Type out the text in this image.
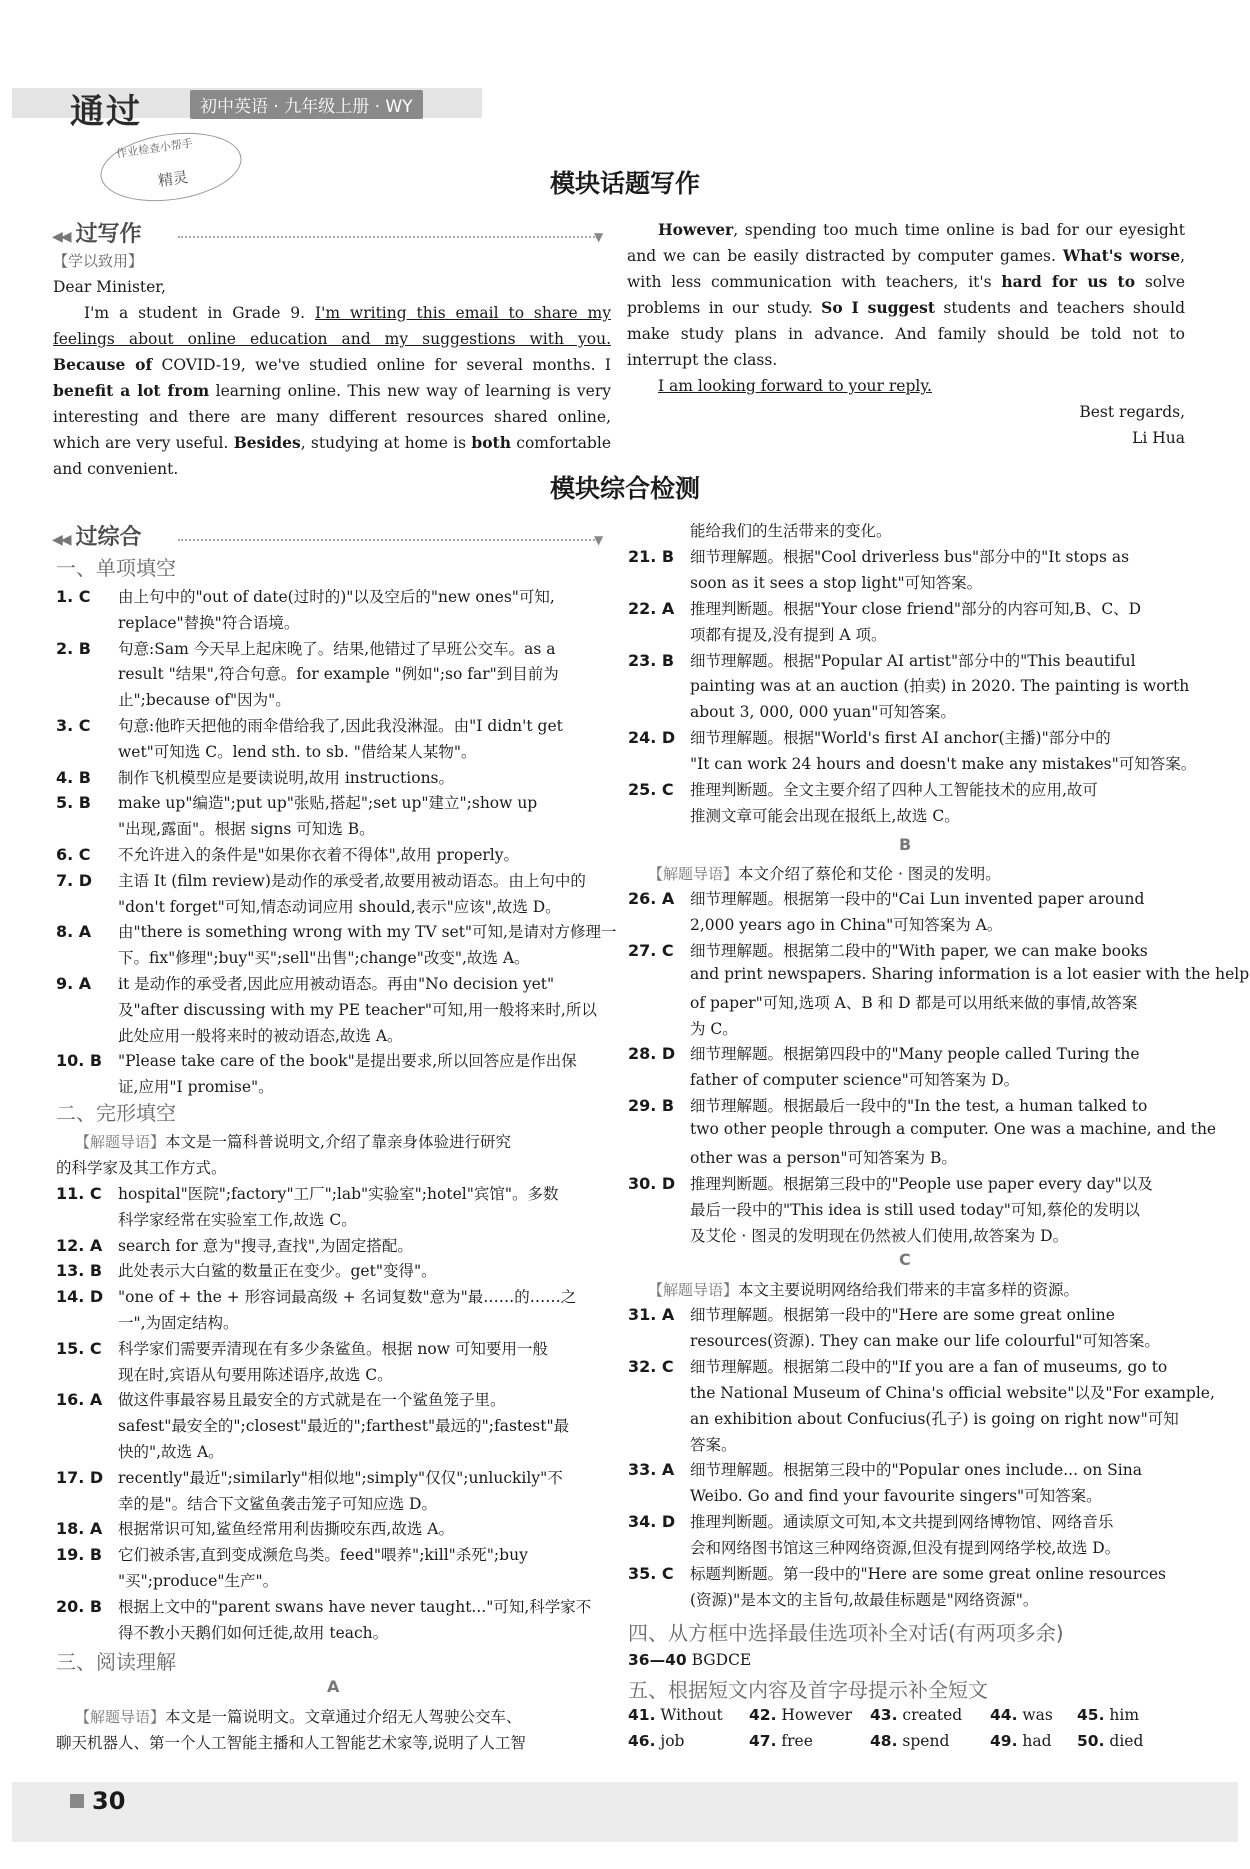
通过	初中英语 · 九年级上册 · WY
作业检查小帮手
精灵	模块话题写作
◀◀ 过写作	▼
【学以致用】
Dear Minister,

I'm a student in Grade 9. I'm writing this email to share my feelings about online education and my suggestions with you. Because of COVID-19, we've studied online for several months. I benefit a lot from learning online. This new way of learning is very interesting and there are many different resources shared online, which are very useful. Besides, studying at home is both comfortable and convenient.

However, spending too much time online is bad for our eyesight and we can be easily distracted by computer games. What's worse, with less communication with teachers, it's hard for us to solve problems in our study. So I suggest students and teachers should make study plans in advance. And family should be told not to interrupt the class.

I am looking forward to your reply.

Best regards,

Li Hua

模块综合检测
◀◀ 过综合	▼
一、单项填空
1. C 由上句中的"out of date(过时的)"以及空后的"new ones"可知,
replace"替换"符合语境。
2. B 句意:Sam 今天早上起床晚了。结果,他错过了早班公交车。as a
result "结果",符合句意。for example "例如";so far"到目前为
止";because of"因为"。
3. C 句意:他昨天把他的雨伞借给我了,因此我没淋湿。由"I didn't get
wet"可知选 C。lend sth. to sb. "借给某人某物"。
4. B 制作飞机模型应是要读说明,故用 instructions。
5. B make up"编造";put up"张贴,搭起";set up"建立";show up
"出现,露面"。根据 signs 可知选 B。
6. C 不允许进入的条件是"如果你衣着不得体",故用 properly。
7. D 主语 It (film review)是动作的承受者,故要用被动语态。由上句中的
"don't forget"可知,情态动词应用 should,表示"应该",故选 D。
8. A 由"there is something wrong with my TV set"可知,是请对方修理一
下。fix"修理";buy"买";sell"出售";change"改变",故选 A。
9. A it 是动作的承受者,因此应用被动语态。再由"No decision yet"
及"after discussing with my PE teacher"可知,用一般将来时,所以
此处应用一般将来时的被动语态,故选 A。
10. B "Please take care of the book"是提出要求,所以回答应是作出保
证,应用"I promise"。
二、完形填空
【解题导语】本文是一篇科普说明文,介绍了靠亲身体验进行研究
的科学家及其工作方式。
11. C hospital"医院";factory"工厂";lab"实验室";hotel"宾馆"。多数
科学家经常在实验室工作,故选 C。
12. A search for 意为"搜寻,查找",为固定搭配。
13. B 此处表示大白鲨的数量正在变少。get"变得"。
14. D "one of + the + 形容词最高级 + 名词复数"意为"最……的……之
一",为固定结构。
15. C 科学家们需要弄清现在有多少条鲨鱼。根据 now 可知要用一般
现在时,宾语从句要用陈述语序,故选 C。
16. A 做这件事最容易且最安全的方式就是在一个鲨鱼笼子里。
safest"最安全的";closest"最近的";farthest"最远的";fastest"最
快的",故选 A。
17. D recently"最近";similarly"相似地";simply"仅仅";unluckily"不
幸的是"。结合下文鲨鱼袭击笼子可知应选 D。
18. A 根据常识可知,鲨鱼经常用利齿撕咬东西,故选 A。
19. B 它们被杀害,直到变成濒危鸟类。feed"喂养";kill"杀死";buy
"买";produce"生产"。
20. B 根据上文中的"parent swans have never taught..."可知,科学家不
得不教小天鹅们如何迁徙,故用 teach。
三、阅读理解
A
【解题导语】本文是一篇说明文。文章通过介绍无人驾驶公交车、
聊天机器人、第一个人工智能主播和人工智能艺术家等,说明了人工智
能给我们的生活带来的变化。
21. B 细节理解题。根据"Cool driverless bus"部分中的"It stops as
soon as it sees a stop light"可知答案。
22. A 推理判断题。根据"Your close friend"部分的内容可知,B、C、D
项都有提及,没有提到 A 项。
23. B 细节理解题。根据"Popular AI artist"部分中的"This beautiful
painting was at an auction (拍卖) in 2020. The painting is worth
about 3, 000, 000 yuan"可知答案。
24. D 细节理解题。根据"World's first AI anchor(主播)"部分中的
"It can work 24 hours and doesn't make any mistakes"可知答案。
25. C 推理判断题。全文主要介绍了四种人工智能技术的应用,故可
推测文章可能会出现在报纸上,故选 C。
B
【解题导语】本文介绍了蔡伦和艾伦 · 图灵的发明。
26. A 细节理解题。根据第一段中的"Cai Lun invented paper around
2,000 years ago in China"可知答案为 A。
27. C 细节理解题。根据第二段中的"With paper, we can make books
and print newspapers. Sharing information is a lot easier with the help
of paper"可知,选项 A、B 和 D 都是可以用纸来做的事情,故答案
为 C。
28. D 细节理解题。根据第四段中的"Many people called Turing the
father of computer science"可知答案为 D。
29. B 细节理解题。根据最后一段中的"In the test, a human talked to
two other people through a computer. One was a machine, and the
other was a person"可知答案为 B。
30. D 推理判断题。根据第三段中的"People use paper every day"以及
最后一段中的"This idea is still used today"可知,蔡伦的发明以
及艾伦 · 图灵的发明现在仍然被人们使用,故答案为 D。
C
【解题导语】本文主要说明网络给我们带来的丰富多样的资源。
31. A 细节理解题。根据第一段中的"Here are some great online
resources(资源). They can make our life colourful"可知答案。
32. C 细节理解题。根据第二段中的"If you are a fan of museums, go to
the National Museum of China's official website"以及"For example,
an exhibition about Confucius(孔子) is going on right now"可知
答案。
33. A 细节理解题。根据第三段中的"Popular ones include... on Sina
Weibo. Go and find your favourite singers"可知答案。
34. D 推理判断题。通读原文可知,本文共提到网络博物馆、网络音乐
会和网络图书馆这三种网络资源,但没有提到网络学校,故选 D。
35. C 标题判断题。第一段中的"Here are some great online resources
(资源)"是本文的主旨句,故最佳标题是"网络资源"。
四、从方框中选择最佳选项补全对话(有两项多余)
36—40 BGDCE
五、根据短文内容及首字母提示补全短文
41. Without 42. However 43. created 44. was 45. him
46. job	47. free	48. spend	49. had 50. died
30
